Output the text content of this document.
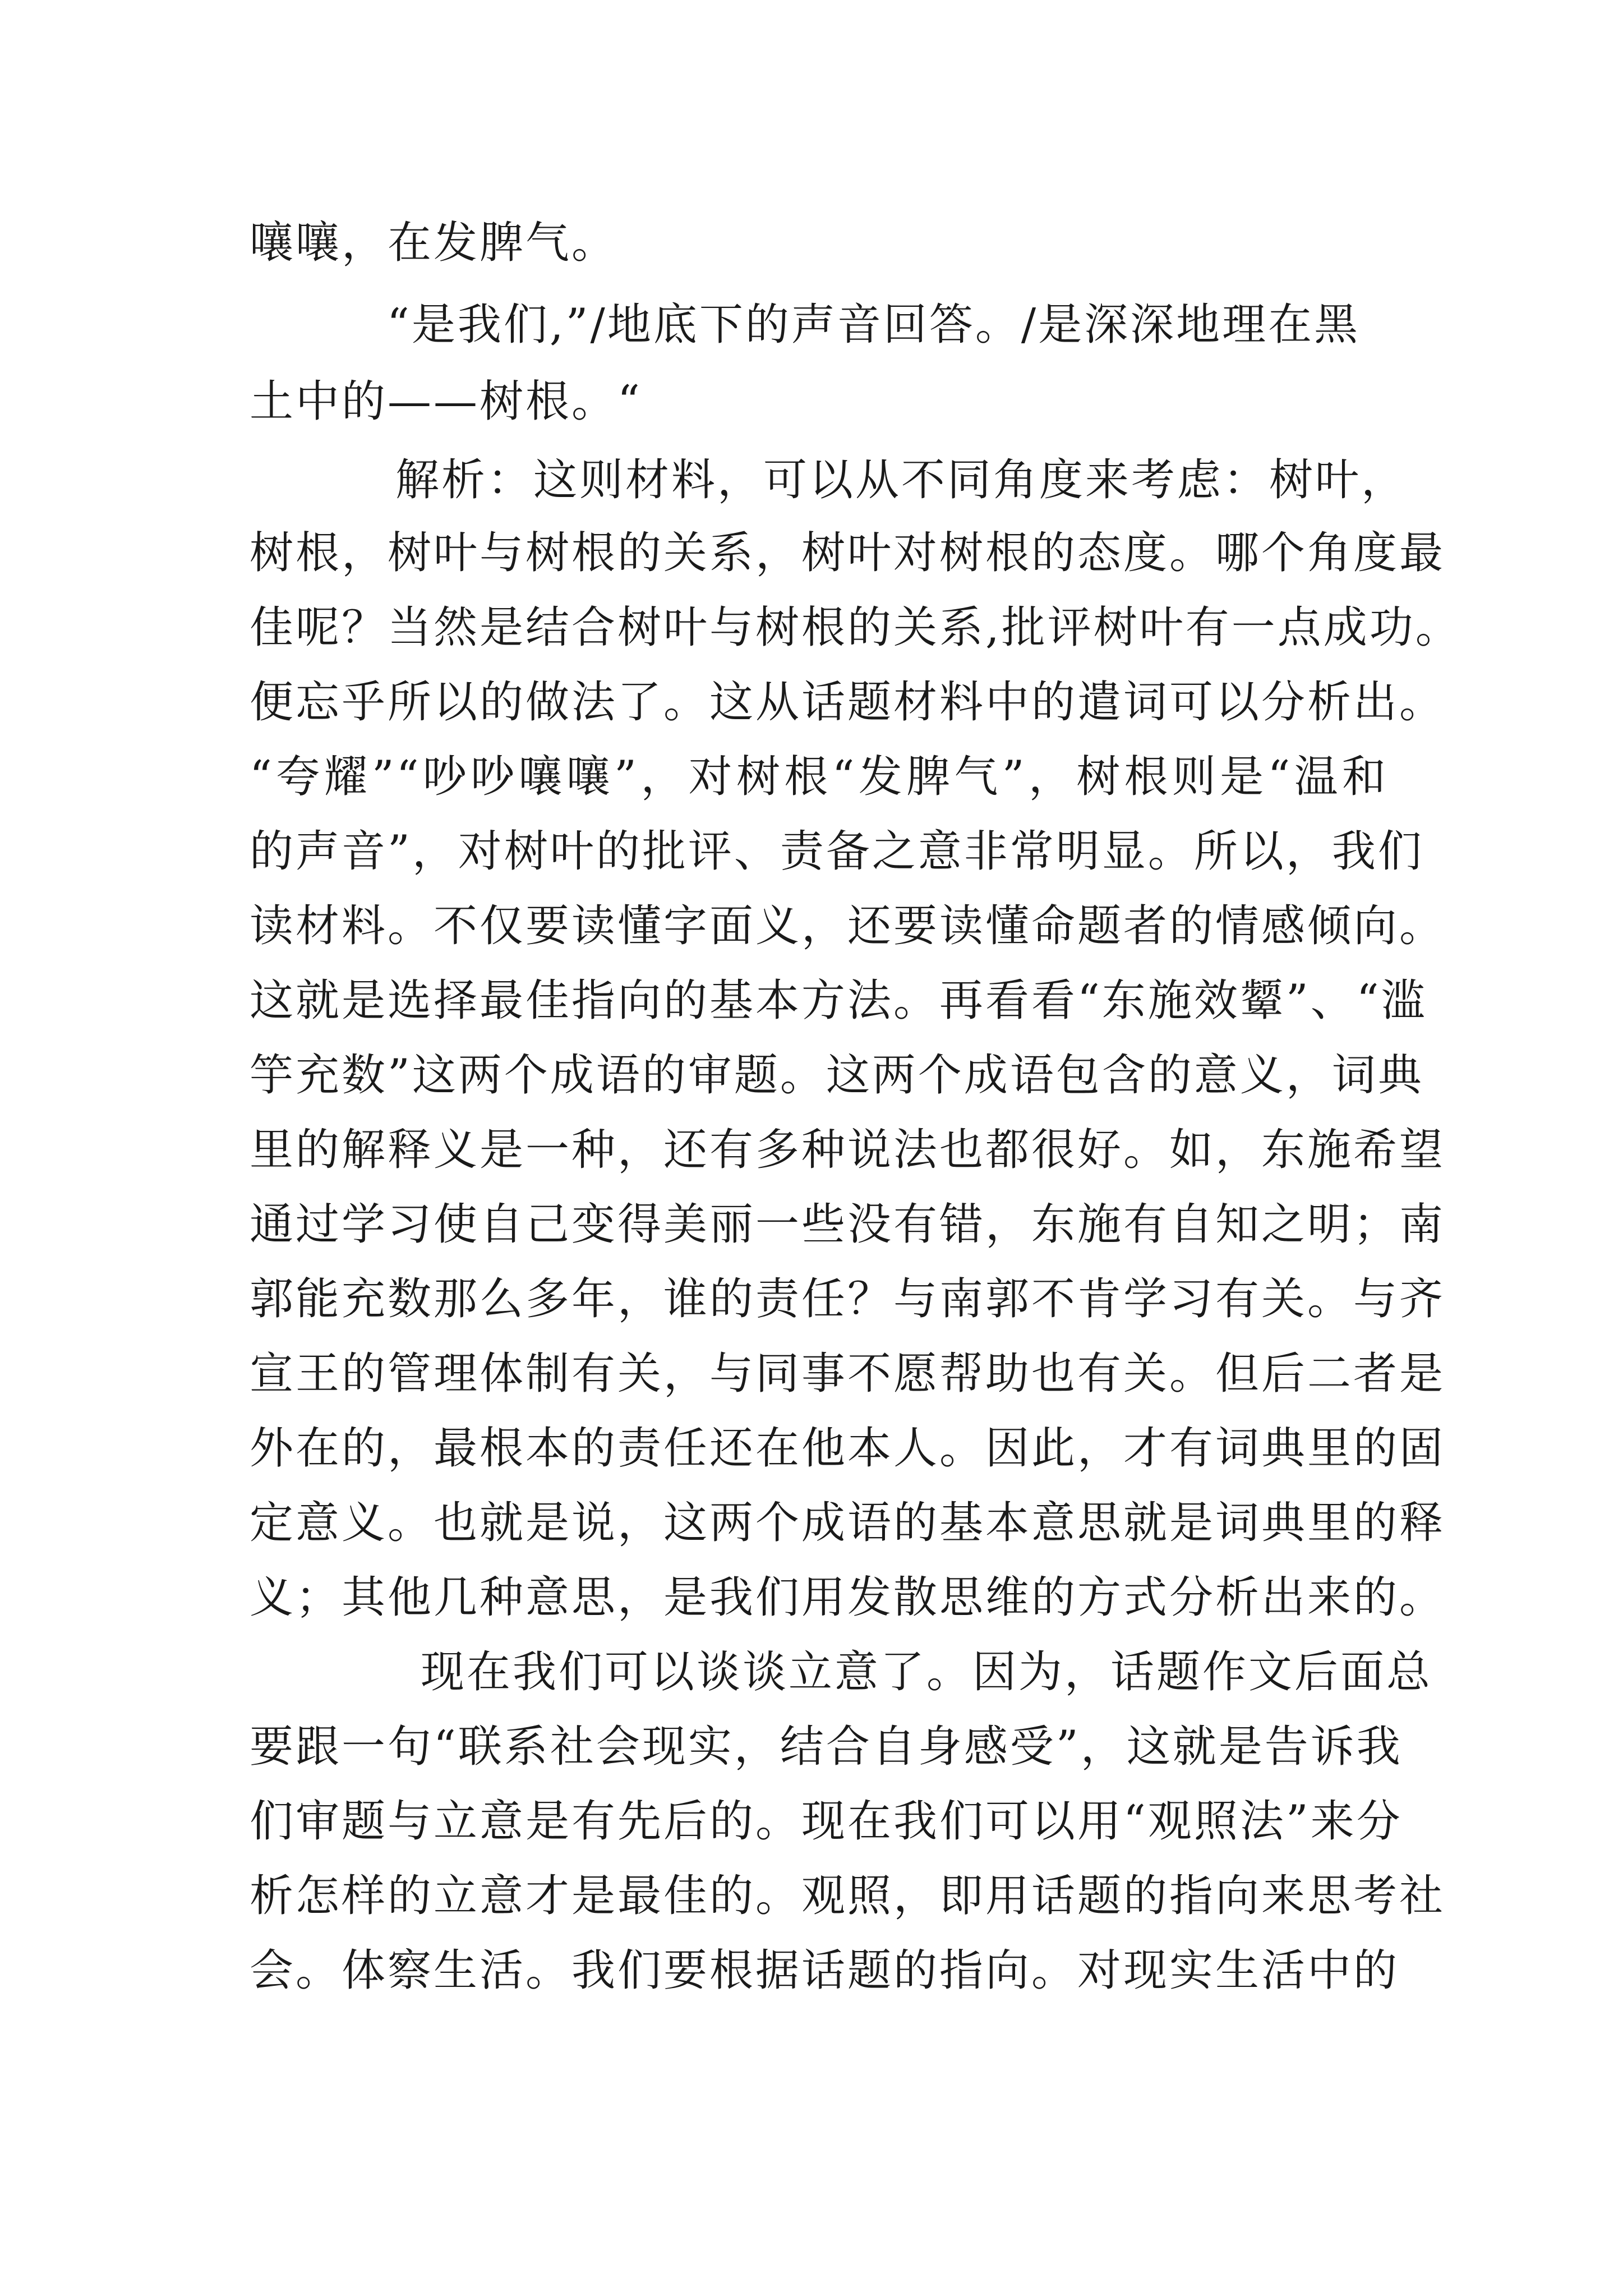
嚷嚷，在发脾气。
“是我们,”/地底下的声音回答。/是深深地理在黑
土中的——树根。“
解析：这则材料，可以从不同角度来考虑：树叶，
树根，树叶与树根的关系，树叶对树根的态度。哪个角度最
佳呢？当然是结合树叶与树根的关系,批评树叶有一点成功。
便忘乎所以的做法了。这从话题材料中的遣词可以分析出。
“夸耀”“吵吵嚷嚷”，对树根“发脾气”，树根则是“温和
的声音”，对树叶的批评、责备之意非常明显。所以，我们
读材料。不仅要读懂字面义，还要读懂命题者的情感倾向。
这就是选择最佳指向的基本方法。再看看“东施效颦”、“滥
竽充数”这两个成语的审题。这两个成语包含的意义，词典
里的解释义是一种，还有多种说法也都很好。如，东施希望
通过学习使自己变得美丽一些没有错，东施有自知之明；南
郭能充数那么多年，谁的责任？与南郭不肯学习有关。与齐
宣王的管理体制有关，与同事不愿帮助也有关。但后二者是
外在的，最根本的责任还在他本人。因此，才有词典里的固
定意义。也就是说，这两个成语的基本意思就是词典里的释
义；其他几种意思，是我们用发散思维的方式分析出来的。
现在我们可以谈谈立意了。因为，话题作文后面总
要跟一句“联系社会现实，结合自身感受”，这就是告诉我
们审题与立意是有先后的。现在我们可以用“观照法”来分
析怎样的立意才是最佳的。观照，即用话题的指向来思考社
会。体察生活。我们要根据话题的指向。对现实生活中的
